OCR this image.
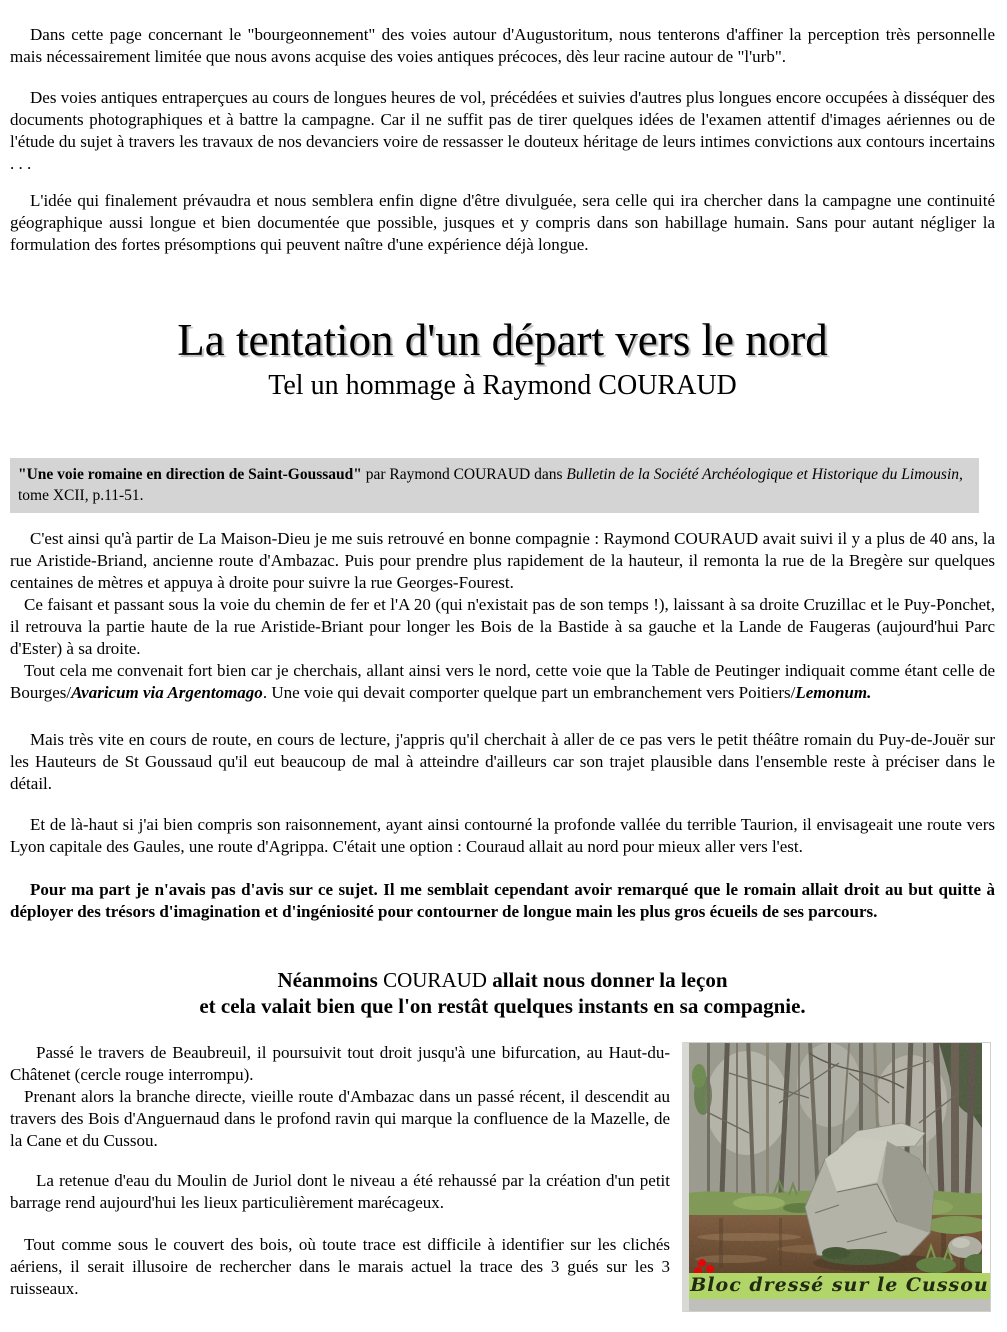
Dans cette page concernant le "bourgeonnement" des voies autour d'Augustoritum, nous tenterons d'affiner la perception très personnelle mais nécessairement limitée que nous avons acquise des voies antiques précoces, dès leur racine autour de "l'urb".

Des voies antiques entraperçues au cours de longues heures de vol, précédées et suivies d'autres plus longues encore occupées à disséquer des documents photographiques et à battre la campagne. Car il ne suffit pas de tirer quelques idées de l'examen attentif d'images aériennes ou de l'étude du sujet à travers les travaux de nos devanciers voire de ressasser le douteux héritage de leurs intimes convictions aux contours incertains . . .

L'idée qui finalement prévaudra et nous semblera enfin digne d'être divulguée, sera celle qui ira chercher dans la campagne une continuité géographique aussi longue et bien documentée que possible, jusques et y compris dans son habillage humain. Sans pour autant négliger la formulation des fortes présomptions qui peuvent naître d'une expérience déjà longue.

La tentation d'un départ vers le nord
Tel un hommage à Raymond COURAUD
"Une voie romaine en direction de Saint-Goussaud" par Raymond COURAUD dans Bulletin de la Société Archéologique et Historique du Limousin, tome XCII, p.11-51.

C'est ainsi qu'à partir de La Maison-Dieu je me suis retrouvé en bonne compagnie : Raymond COURAUD avait suivi il y a plus de 40 ans, la rue Aristide-Briand, ancienne route d'Ambazac. Puis pour prendre plus rapidement de la hauteur, il remonta la rue de la Bregère sur quelques centaines de mètres et appuya à droite pour suivre la rue Georges-Fourest.

Ce faisant et passant sous la voie du chemin de fer et l'A 20 (qui n'existait pas de son temps !), laissant à sa droite Cruzillac et le Puy-Ponchet, il retrouva la partie haute de la rue Aristide-Briant pour longer les Bois de la Bastide à sa gauche et la Lande de Faugeras (aujourd'hui Parc d'Ester) à sa droite.

Tout cela me convenait fort bien car je cherchais, allant ainsi vers le nord, cette voie que la Table de Peutinger indiquait comme étant celle de Bourges/Avaricum via Argentomago. Une voie qui devait comporter quelque part un embranchement vers Poitiers/Lemonum.

Mais très vite en cours de route, en cours de lecture, j'appris qu'il cherchait à aller de ce pas vers le petit théâtre romain du Puy-de-Jouër sur les Hauteurs de St Goussaud qu'il eut beaucoup de mal à atteindre d'ailleurs car son trajet plausible dans l'ensemble reste à préciser dans le détail.

Et de là-haut si j'ai bien compris son raisonnement, ayant ainsi contourné la profonde vallée du terrible Taurion, il envisageait une route vers Lyon capitale des Gaules, une route d'Agrippa. C'était une option : Couraud allait au nord pour mieux aller vers l'est.

Pour ma part je n'avais pas d'avis sur ce sujet. Il me semblait cependant avoir remarqué que le romain allait droit au but quitte à déployer des trésors d'imagination et d'ingéniosité pour contourner de longue main les plus gros écueils de ses parcours.

Néanmoins COURAUD allait nous donner la leçon

et cela valait bien que l'on restât quelques instants en sa compagnie.

Bloc dressé sur le Cussou

Passé le travers de Beaubreuil, il poursuivit tout droit jusqu'à une bifurcation, au Haut-du-Châtenet (cercle rouge interrompu).

Prenant alors la branche directe, vieille route d'Ambazac dans un passé récent, il descendit au travers des Bois d'Anguernaud dans le profond ravin qui marque la confluence de la Mazelle, de la Cane et du Cussou.

La retenue d'eau du Moulin de Juriol dont le niveau a été rehaussé par la création d'un petit barrage rend aujourd'hui les lieux particulièrement marécageux.

Tout comme sous le couvert des bois, où toute trace est difficile à identifier sur les clichés aériens, il serait illusoire de rechercher dans le marais actuel la trace des 3 gués sur les 3 ruisseaux.
